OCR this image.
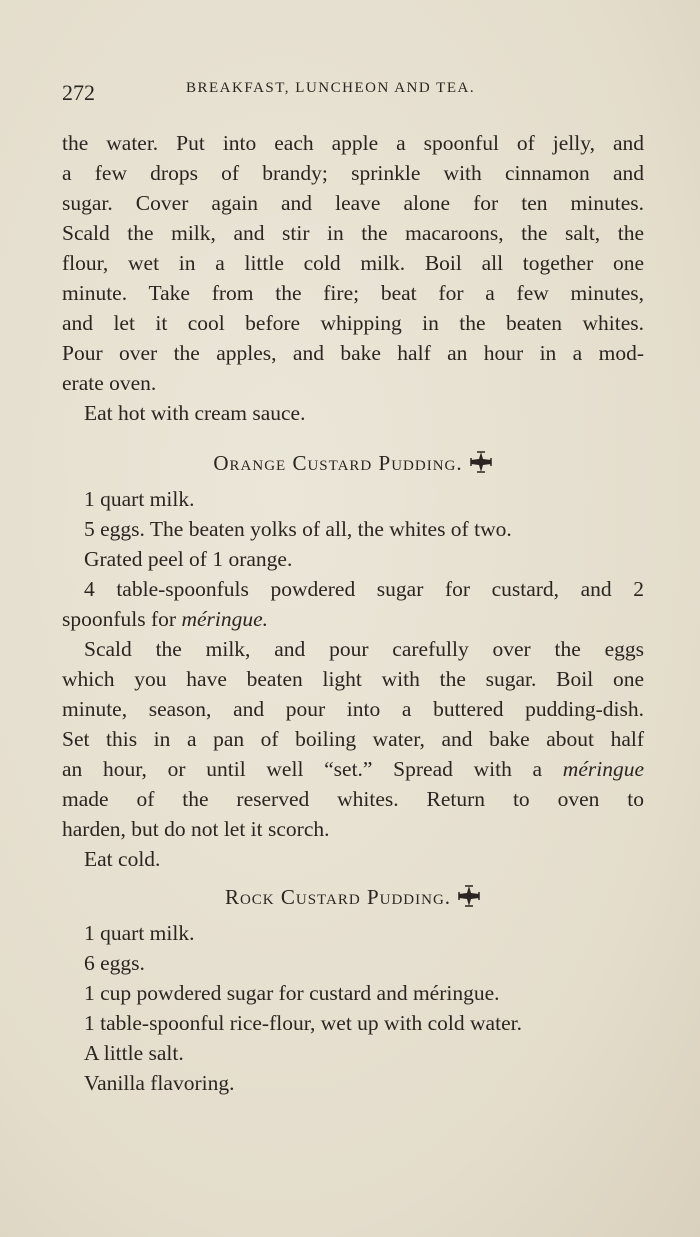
272	BREAKFAST, LUNCHEON AND TEA.

the water. Put into each apple a spoonful of jelly, and
a few drops of brandy; sprinkle with cinnamon and
sugar. Cover again and leave alone for ten minutes.
Scald the milk, and stir in the macaroons, the salt, the
flour, wet in a little cold milk. Boil all together one
minute. Take from the fire; beat for a few minutes,
and let it cool before whipping in the beaten whites.
Pour over the apples, and bake half an hour in a mod-
erate oven.

Eat hot with cream sauce.

Orange Custard Pudding.

1 quart milk.

5 eggs. The beaten yolks of all, the whites of two.

Grated peel of 1 orange.

4 table-spoonfuls powdered sugar for custard, and 2
spoonfuls for méringue.

Scald the milk, and pour carefully over the eggs
which you have beaten light with the sugar. Boil one
minute, season, and pour into a buttered pudding-dish.
Set this in a pan of boiling water, and bake about half
an hour, or until well “set.” Spread with a méringue
made of the reserved whites. Return to oven to
harden, but do not let it scorch.

Eat cold.

Rock Custard Pudding.

1 quart milk.

6 eggs.

1 cup powdered sugar for custard and méringue.

1 table-spoonful rice-flour, wet up with cold water.

A little salt.

Vanilla flavoring.
